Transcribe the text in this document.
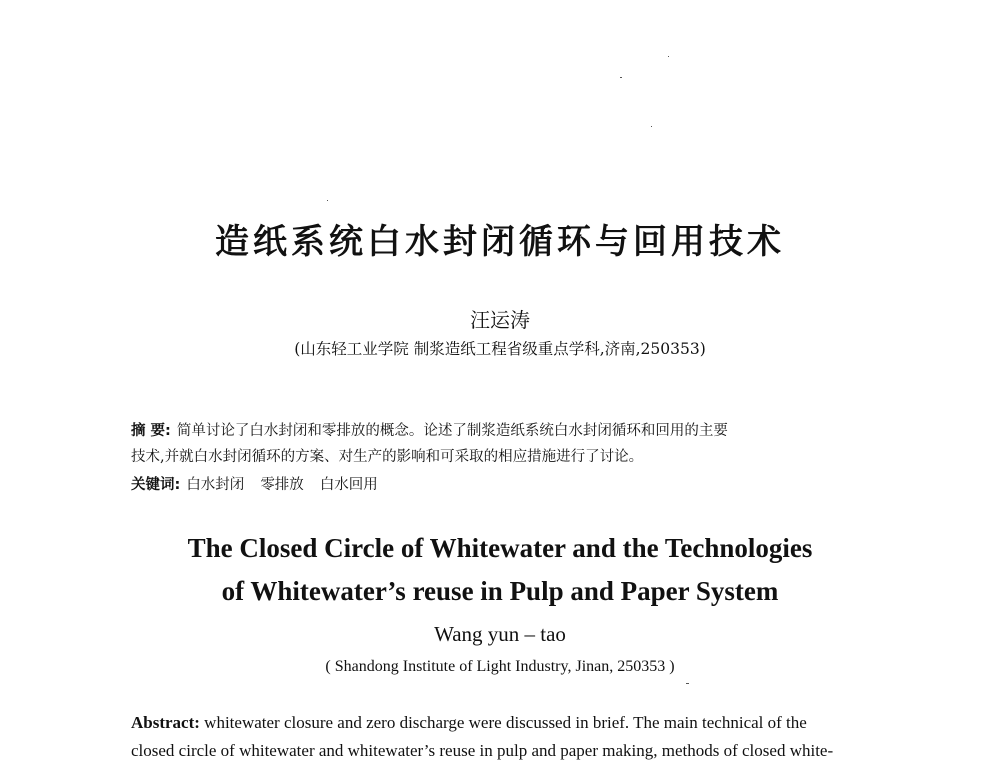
造纸系统白水封闭循环与回用技术
汪运涛
(山东轻工业学院 制浆造纸工程省级重点学科,济南,250353)
摘 要: 简单讨论了白水封闭和零排放的概念。论述了制浆造纸系统白水封闭循环和回用的主要
技术,并就白水封闭循环的方案、对生产的影响和可采取的相应措施进行了讨论。
关键词: 白水封闭 零排放 白水回用
The Closed Circle of Whitewater and the Technologies
of Whitewater’s reuse in Pulp and Paper System
Wang yun – tao
( Shandong Institute of Light Industry, Jinan, 250353 )
Abstract: whitewater closure and zero discharge were discussed in brief. The main technical of the
closed circle of whitewater and whitewater’s reuse in pulp and paper making, methods of closed white-
